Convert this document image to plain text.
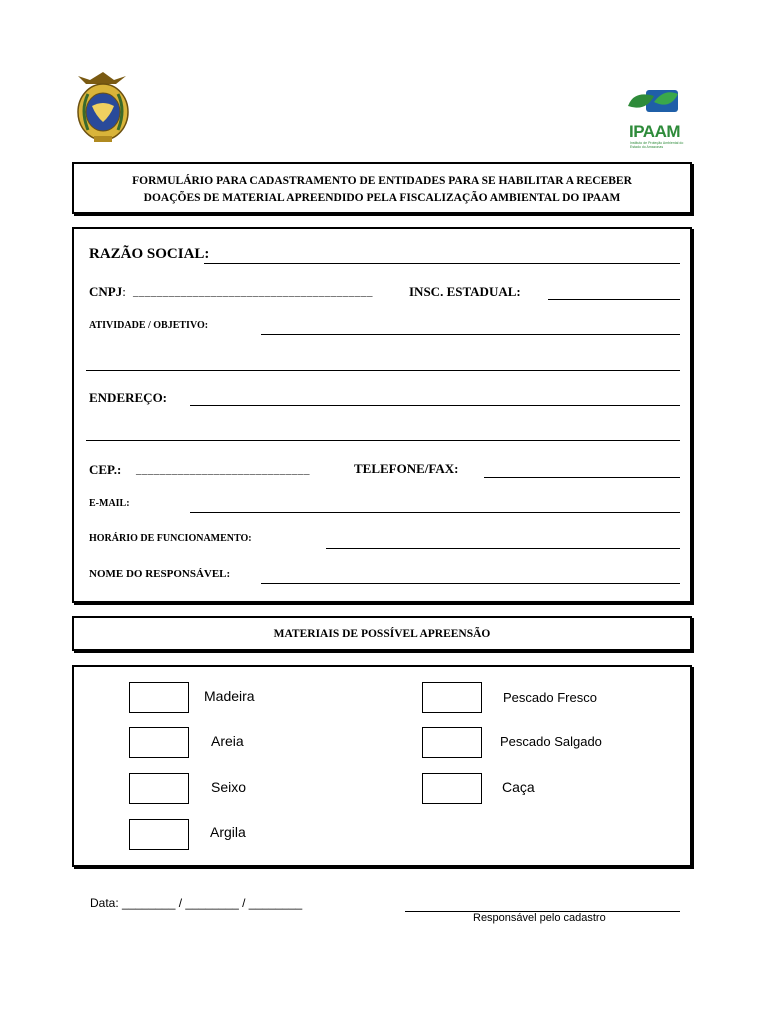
IPAAM
Instituto de Proteção Ambiental do Estado do Amazonas
FORMULÁRIO PARA CADASTRAMENTO DE ENTIDADES PARA SE HABILITAR A RECEBER
DOAÇÕES DE MATERIAL APREENDIDO PELA FISCALIZAÇÃO AMBIENTAL DO IPAAM
RAZÃO SOCIAL:
CNPJ: ________________________________________	INSC. ESTADUAL:
ATIVIDADE / OBJETIVO:
ENDEREÇO:
CEP.: _____________________________	TELEFONE/FAX:
E-MAIL:
HORÁRIO DE FUNCIONAMENTO:
NOME DO RESPONSÁVEL:
MATERIAIS DE POSSÍVEL APREENSÃO
Madeira
Areia
Seixo
Argila
Pescado Fresco
Pescado Salgado
Caça
Data: ________ / ________ / ________
Responsável pelo cadastro
